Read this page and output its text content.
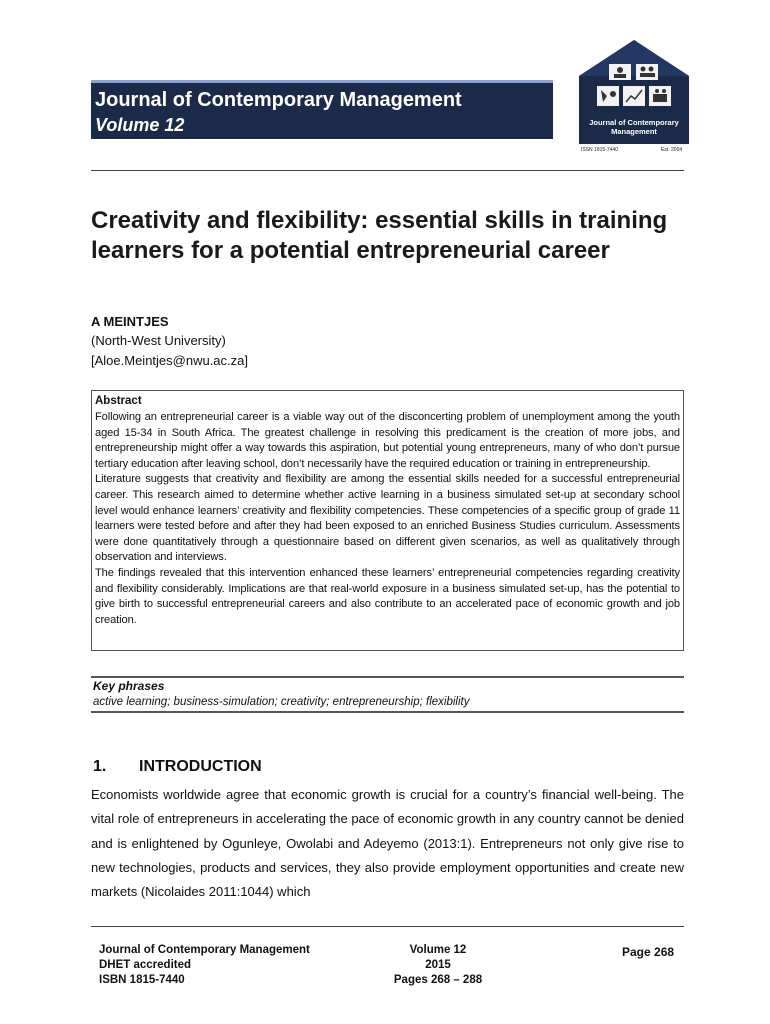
Journal of Contemporary Management
Volume 12	Journal of Contemporary
Management
ISSN 1815-7440	Est. 2004
Creativity and flexibility: essential skills in training learners for a potential entrepreneurial career
A MEINTJES
(North-West University)
[Aloe.Meintjes@nwu.ac.za]
Abstract

Following an entrepreneurial career is a viable way out of the disconcerting problem of unemployment among the youth aged 15-34 in South Africa. The greatest challenge in resolving this predicament is the creation of more jobs, and entrepreneurship might offer a way towards this aspiration, but potential young entrepreneurs, many of who don’t pursue tertiary education after leaving school, don’t necessarily have the required education or training in entrepreneurship.

Literature suggests that creativity and flexibility are among the essential skills needed for a successful entrepreneurial career. This research aimed to determine whether active learning in a business simulated set-up at secondary school level would enhance learners’ creativity and flexibility competencies. These competencies of a specific group of grade 11 learners were tested before and after they had been exposed to an enriched Business Studies curriculum. Assessments were done quantitatively through a questionnaire based on different given scenarios, as well as qualitatively through observation and interviews.

The findings revealed that this intervention enhanced these learners’ entrepreneurial competencies regarding creativity and flexibility considerably. Implications are that real-world exposure in a business simulated set-up, has the potential to give birth to successful entrepreneurial careers and also contribute to an accelerated pace of economic growth and job creation.

Key phrases
active learning; business-simulation; creativity; entrepreneurship; flexibility
1. INTRODUCTION

Economists worldwide agree that economic growth is crucial for a country’s financial well-being. The vital role of entrepreneurs in accelerating the pace of economic growth in any country cannot be denied and is enlightened by Ogunleye, Owolabi and Adeyemo (2013:1). Entrepreneurs not only give rise to new technologies, products and services, they also provide employment opportunities and create new markets (Nicolaides 2011:1044) which

Journal of Contemporary Management
DHET accredited
ISBN 1815-7440
Volume 12
2015
Pages 268 – 288
Page 268
